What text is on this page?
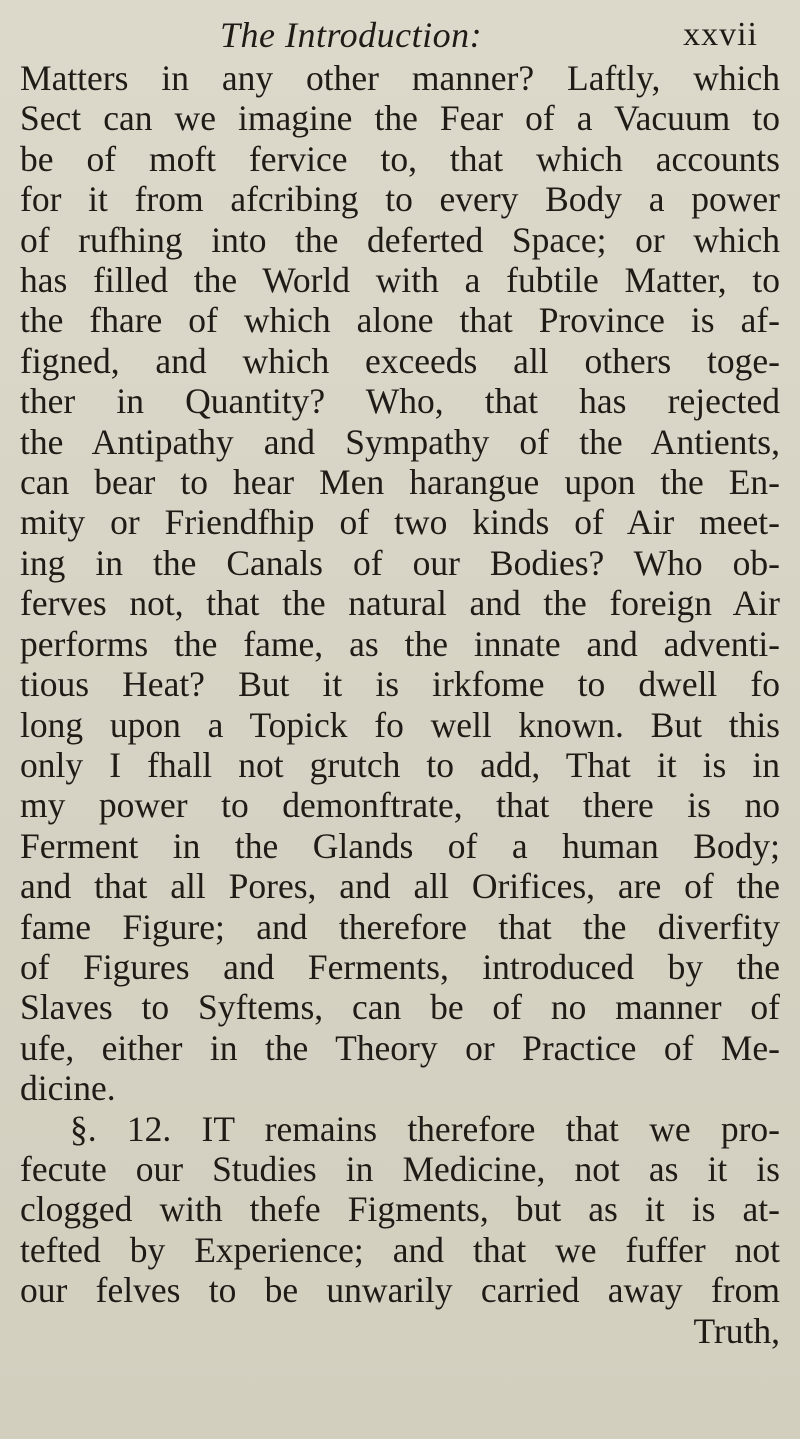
The Introduction:	xxvii
Matters in any other manner? Laftly, which
Sect can we imagine the Fear of a Vacuum to
be of moft fervice to, that which accounts
for it from afcribing to every Body a power
of rufhing into the deferted Space; or which
has filled the World with a fubtile Matter, to
the fhare of which alone that Province is af-
figned, and which exceeds all others toge-
ther in Quantity? Who, that has rejected
the Antipathy and Sympathy of the Antients,
can bear to hear Men harangue upon the En-
mity or Friendfhip of two kinds of Air meet-
ing in the Canals of our Bodies? Who ob-
ferves not, that the natural and the foreign Air
performs the fame, as the innate and adventi-
tious Heat? But it is irkfome to dwell fo
long upon a Topick fo well known. But this
only I fhall not grutch to add, That it is in
my power to demonftrate, that there is no
Ferment in the Glands of a human Body;
and that all Pores, and all Orifices, are of the
fame Figure; and therefore that the diverfity
of Figures and Ferments, introduced by the
Slaves to Syftems, can be of no manner of
ufe, either in the Theory or Practice of Me-
dicine.
§. 12. IT remains therefore that we pro-
fecute our Studies in Medicine, not as it is
clogged with thefe Figments, but as it is at-
tefted by Experience; and that we fuffer not
our felves to be unwarily carried away from
Truth,
